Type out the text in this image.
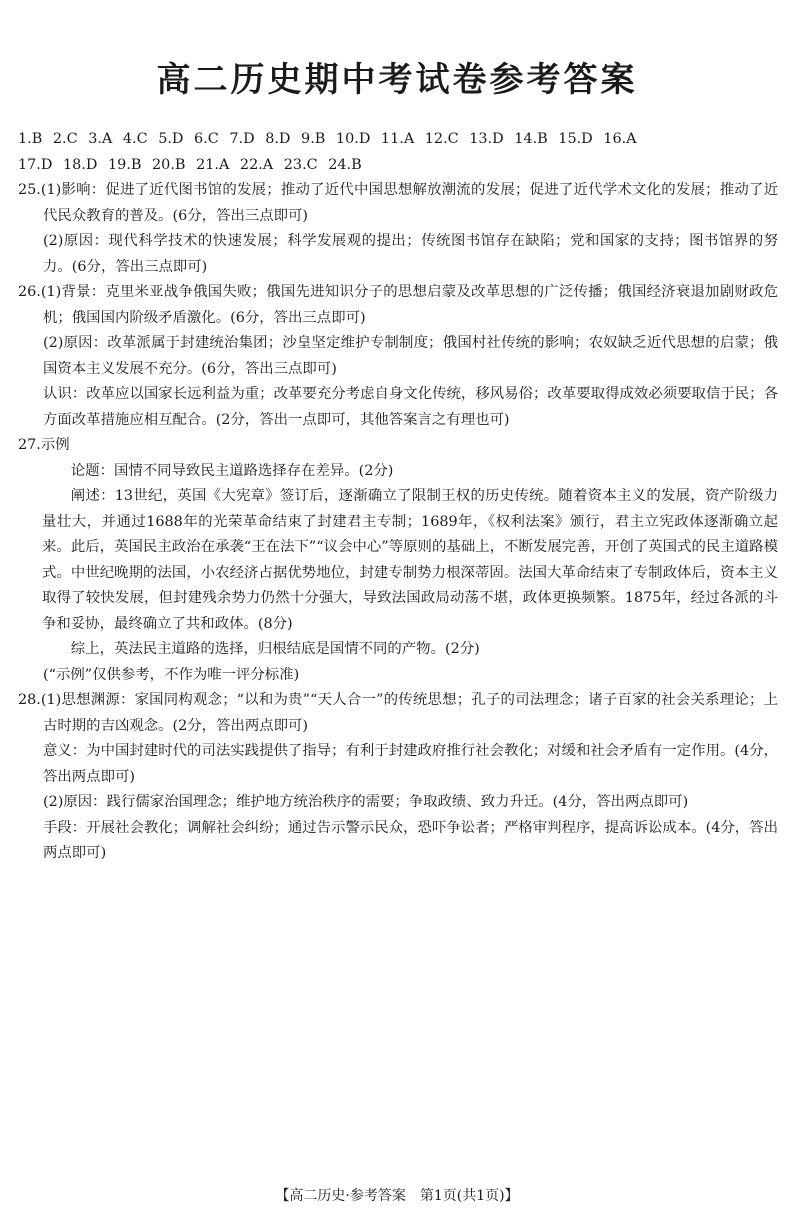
高二历史期中考试卷参考答案

1.B 2.C 3.A 4.C 5.D 6.C 7.D 8.D 9.B 10.D 11.A 12.C 13.D 14.B 15.D 16.A

17.D 18.D 19.B 20.B 21.A 22.A 23.C 24.B

25.(1)影响：促进了近代图书馆的发展；推动了近代中国思想解放潮流的发展；促进了近代学术文化的发展；推动了近代民众教育的普及。(6分，答出三点即可)

(2)原因：现代科学技术的快速发展；科学发展观的提出；传统图书馆存在缺陷；党和国家的支持；图书馆界的努力。(6分，答出三点即可)

26.(1)背景：克里米亚战争俄国失败；俄国先进知识分子的思想启蒙及改革思想的广泛传播；俄国经济衰退加剧财政危机；俄国国内阶级矛盾激化。(6分，答出三点即可)

(2)原因：改革派属于封建统治集团；沙皇坚定维护专制制度；俄国村社传统的影响；农奴缺乏近代思想的启蒙；俄国资本主义发展不充分。(6分，答出三点即可)

认识：改革应以国家长远利益为重；改革要充分考虑自身文化传统，移风易俗；改革要取得成效必须要取信于民；各方面改革措施应相互配合。(2分，答出一点即可，其他答案言之有理也可)

27.示例

论题：国情不同导致民主道路选择存在差异。(2分)

阐述：13世纪，英国《大宪章》签订后，逐渐确立了限制王权的历史传统。随着资本主义的发展，资产阶级力量壮大，并通过1688年的光荣革命结束了封建君主专制；1689年，《权利法案》颁行，君主立宪政体逐渐确立起来。此后，英国民主政治在承袭“王在法下”“议会中心”等原则的基础上，不断发展完善，开创了英国式的民主道路模式。中世纪晚期的法国，小农经济占据优势地位，封建专制势力根深蒂固。法国大革命结束了专制政体后，资本主义取得了较快发展，但封建残余势力仍然十分强大，导致法国政局动荡不堪，政体更换频繁。1875年，经过各派的斗争和妥协，最终确立了共和政体。(8分)

综上，英法民主道路的选择，归根结底是国情不同的产物。(2分)

(“示例”仅供参考，不作为唯一评分标准)

28.(1)思想渊源：家国同构观念；“以和为贵”“天人合一”的传统思想；孔子的司法理念；诸子百家的社会关系理论；上古时期的吉凶观念。(2分，答出两点即可)

意义：为中国封建时代的司法实践提供了指导；有利于封建政府推行社会教化；对缓和社会矛盾有一定作用。(4分，答出两点即可)

(2)原因：践行儒家治国理念；维护地方统治秩序的需要；争取政绩、致力升迁。(4分，答出两点即可)

手段：开展社会教化；调解社会纠纷；通过告示警示民众，恐吓争讼者；严格审判程序，提高诉讼成本。(4分，答出两点即可)

【高二历史·参考答案　第1页(共1页)】
